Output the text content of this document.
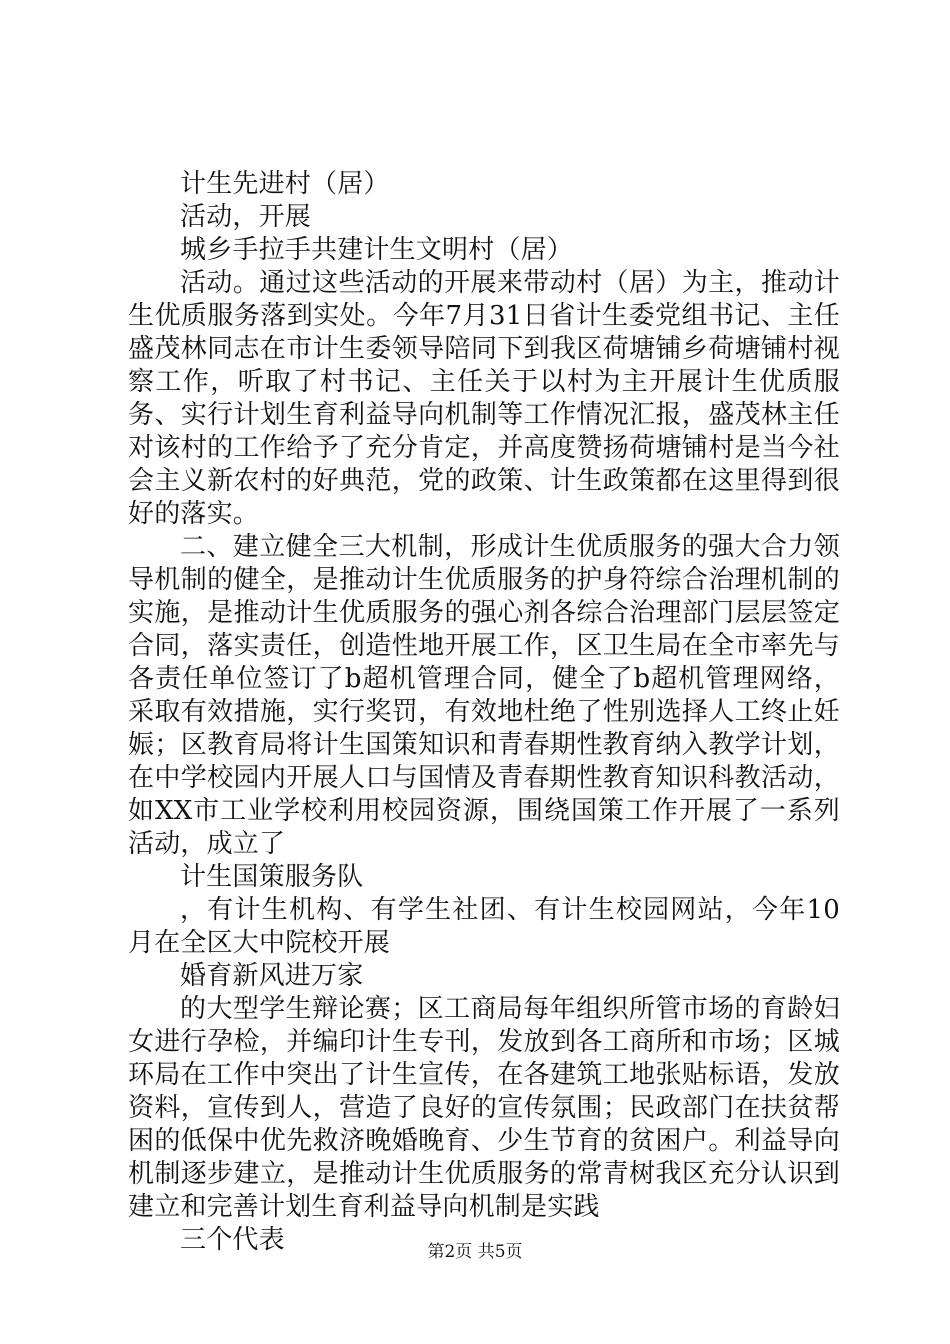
计生先进村（居）

活动，开展

城乡手拉手共建计生文明村（居）

活动。通过这些活动的开展来带动村（居）为主，推动计生优质服务落到实处。今年7月31日省计生委党组书记、主任盛茂林同志在市计生委领导陪同下到我区荷塘铺乡荷塘铺村视察工作，听取了村书记、主任关于以村为主开展计生优质服务、实行计划生育利益导向机制等工作情况汇报，盛茂林主任对该村的工作给予了充分肯定，并高度赞扬荷塘铺村是当今社会主义新农村的好典范，党的政策、计生政策都在这里得到很好的落实。

二、建立健全三大机制，形成计生优质服务的强大合力领导机制的健全，是推动计生优质服务的护身符综合治理机制的实施，是推动计生优质服务的强心剂各综合治理部门层层签定合同，落实责任，创造性地开展工作，区卫生局在全市率先与各责任单位签订了b超机管理合同，健全了b超机管理网络，采取有效措施，实行奖罚，有效地杜绝了性别选择人工终止妊娠；区教育局将计生国策知识和青春期性教育纳入教学计划，在中学校园内开展人口与国情及青春期性教育知识科教活动，如XX市工业学校利用校园资源，围绕国策工作开展了一系列活动，成立了

计生国策服务队

，有计生机构、有学生社团、有计生校园网站，今年10月在全区大中院校开展

婚育新风进万家

的大型学生辩论赛；区工商局每年组织所管市场的育龄妇女进行孕检，并编印计生专刊，发放到各工商所和市场；区城环局在工作中突出了计生宣传，在各建筑工地张贴标语，发放资料，宣传到人，营造了良好的宣传氛围；民政部门在扶贫帮困的低保中优先救济晚婚晚育、少生节育的贫困户。利益导向机制逐步建立，是推动计生优质服务的常青树我区充分认识到建立和完善计划生育利益导向机制是实践

三个代表	第2页 共5页
